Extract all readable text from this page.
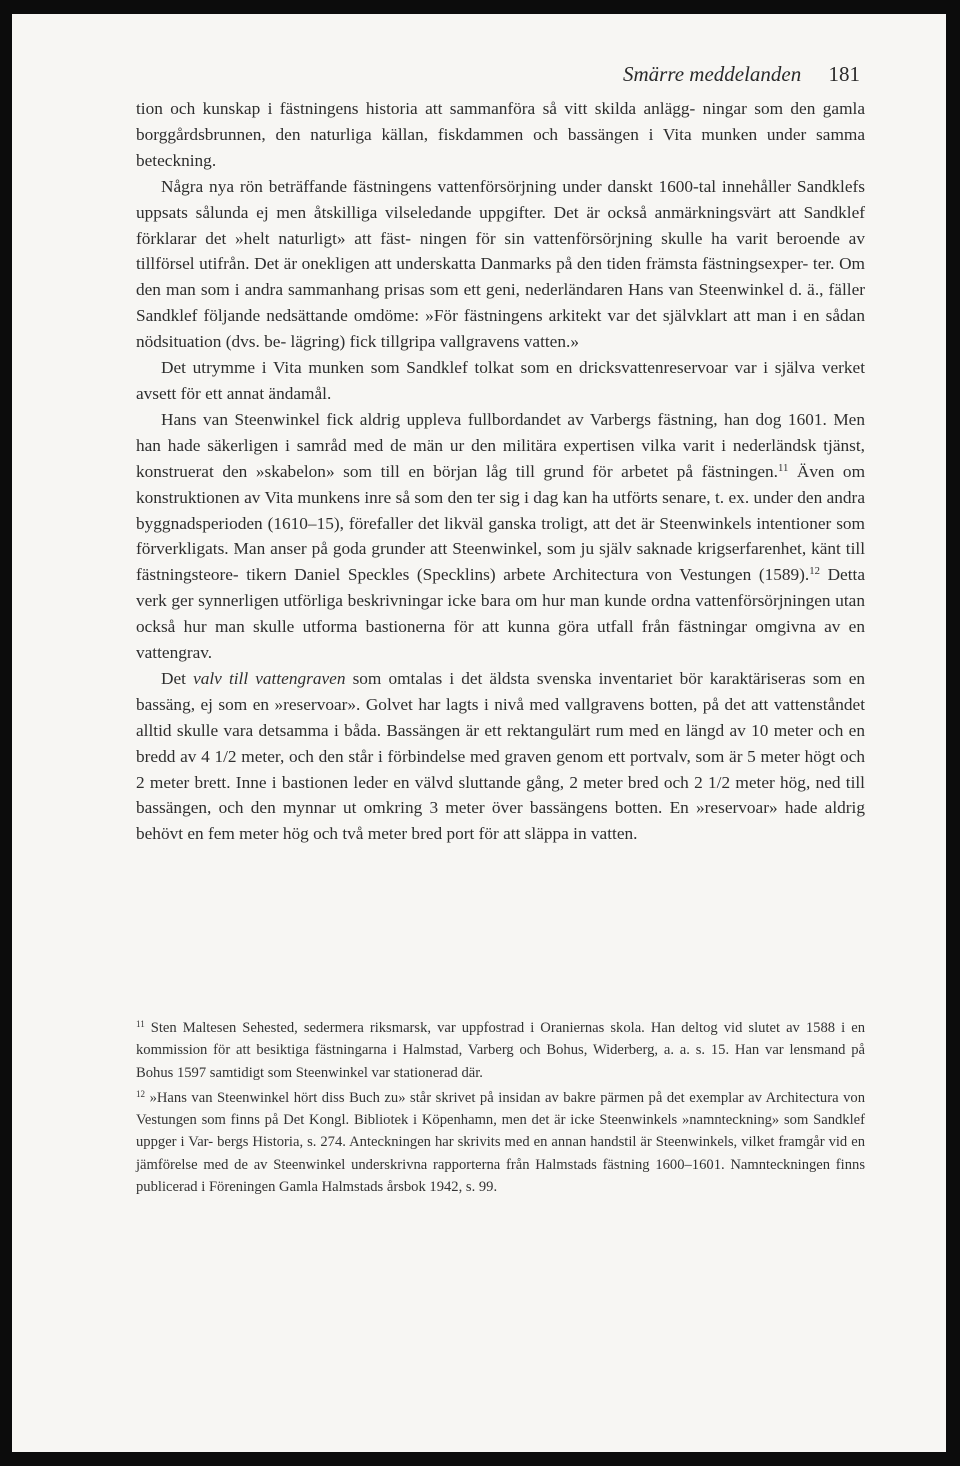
Smärre meddelanden 181

tion och kunskap i fästningens historia att sammanföra så vitt skilda anlägg- ningar som den gamla borggårdsbrunnen, den naturliga källan, fiskdammen och bassängen i Vita munken under samma beteckning.

Några nya rön beträffande fästningens vattenförsörjning under danskt 1600-tal innehåller Sandklefs uppsats sålunda ej men åtskilliga vilseledande uppgifter. Det är också anmärkningsvärt att Sandklef förklarar det »helt naturligt» att fäst- ningen för sin vattenförsörjning skulle ha varit beroende av tillförsel utifrån. Det är onekligen att underskatta Danmarks på den tiden främsta fästningsexper- ter. Om den man som i andra sammanhang prisas som ett geni, nederländaren Hans van Steenwinkel d. ä., fäller Sandklef följande nedsättande omdöme: »För fästningens arkitekt var det självklart att man i en sådan nödsituation (dvs. be- lägring) fick tillgripa vallgravens vatten.»

Det utrymme i Vita munken som Sandklef tolkat som en dricksvattenreservoar var i själva verket avsett för ett annat ändamål.

Hans van Steenwinkel fick aldrig uppleva fullbordandet av Varbergs fästning, han dog 1601. Men han hade säkerligen i samråd med de män ur den militära expertisen vilka varit i nederländsk tjänst, konstruerat den »skabelon» som till en början låg till grund för arbetet på fästningen.$^{11}$ Även om konstruktionen av Vita munkens inre så som den ter sig i dag kan ha utförts senare, t. ex. under den andra byggnadsperioden (1610–15), förefaller det likväl ganska troligt, att det är Steenwinkels intentioner som förverkligats. Man anser på goda grunder att Steenwinkel, som ju själv saknade krigserfarenhet, känt till fästningsteore- tikern Daniel Speckles (Specklins) arbete Architectura von Vestungen (1589).$^{12}$ Detta verk ger synnerligen utförliga beskrivningar icke bara om hur man kunde ordna vattenförsörjningen utan också hur man skulle utforma bastionerna för att kunna göra utfall från fästningar omgivna av en vattengrav.

Det valv till vattengraven som omtalas i det äldsta svenska inventariet bör karaktäriseras som en bassäng, ej som en »reservoar». Golvet har lagts i nivå med vallgravens botten, på det att vattenståndet alltid skulle vara detsamma i båda. Bassängen är ett rektangulärt rum med en längd av 10 meter och en bredd av 4 1/2 meter, och den står i förbindelse med graven genom ett portvalv, som är 5 meter högt och 2 meter brett. Inne i bastionen leder en välvd sluttande gång, 2 meter bred och 2 1/2 meter hög, ned till bassängen, och den mynnar ut omkring 3 meter över bassängens botten. En »reservoar» hade aldrig behövt en fem meter hög och två meter bred port för att släppa in vatten.

$^{11}$ Sten Maltesen Sehested, sedermera riksmarsk, var uppfostrad i Oraniernas skola. Han deltog vid slutet av 1588 i en kommission för att besiktiga fästningarna i Halmstad, Varberg och Bohus, Widerberg, a. a. s. 15. Han var lensmand på Bohus 1597 samtidigt som Steenwinkel var stationerad där.

$^{12}$ »Hans van Steenwinkel hört diss Buch zu» står skrivet på insidan av bakre pärmen på det exemplar av Architectura von Vestungen som finns på Det Kongl. Bibliotek i Köpenhamn, men det är icke Steenwinkels »namnteckning» som Sandklef uppger i Var- bergs Historia, s. 274. Anteckningen har skrivits med en annan handstil är Steenwinkels, vilket framgår vid en jämförelse med de av Steenwinkel underskrivna rapporterna från Halmstads fästning 1600–1601. Namnteckningen finns publicerad i Föreningen Gamla Halmstads årsbok 1942, s. 99.
